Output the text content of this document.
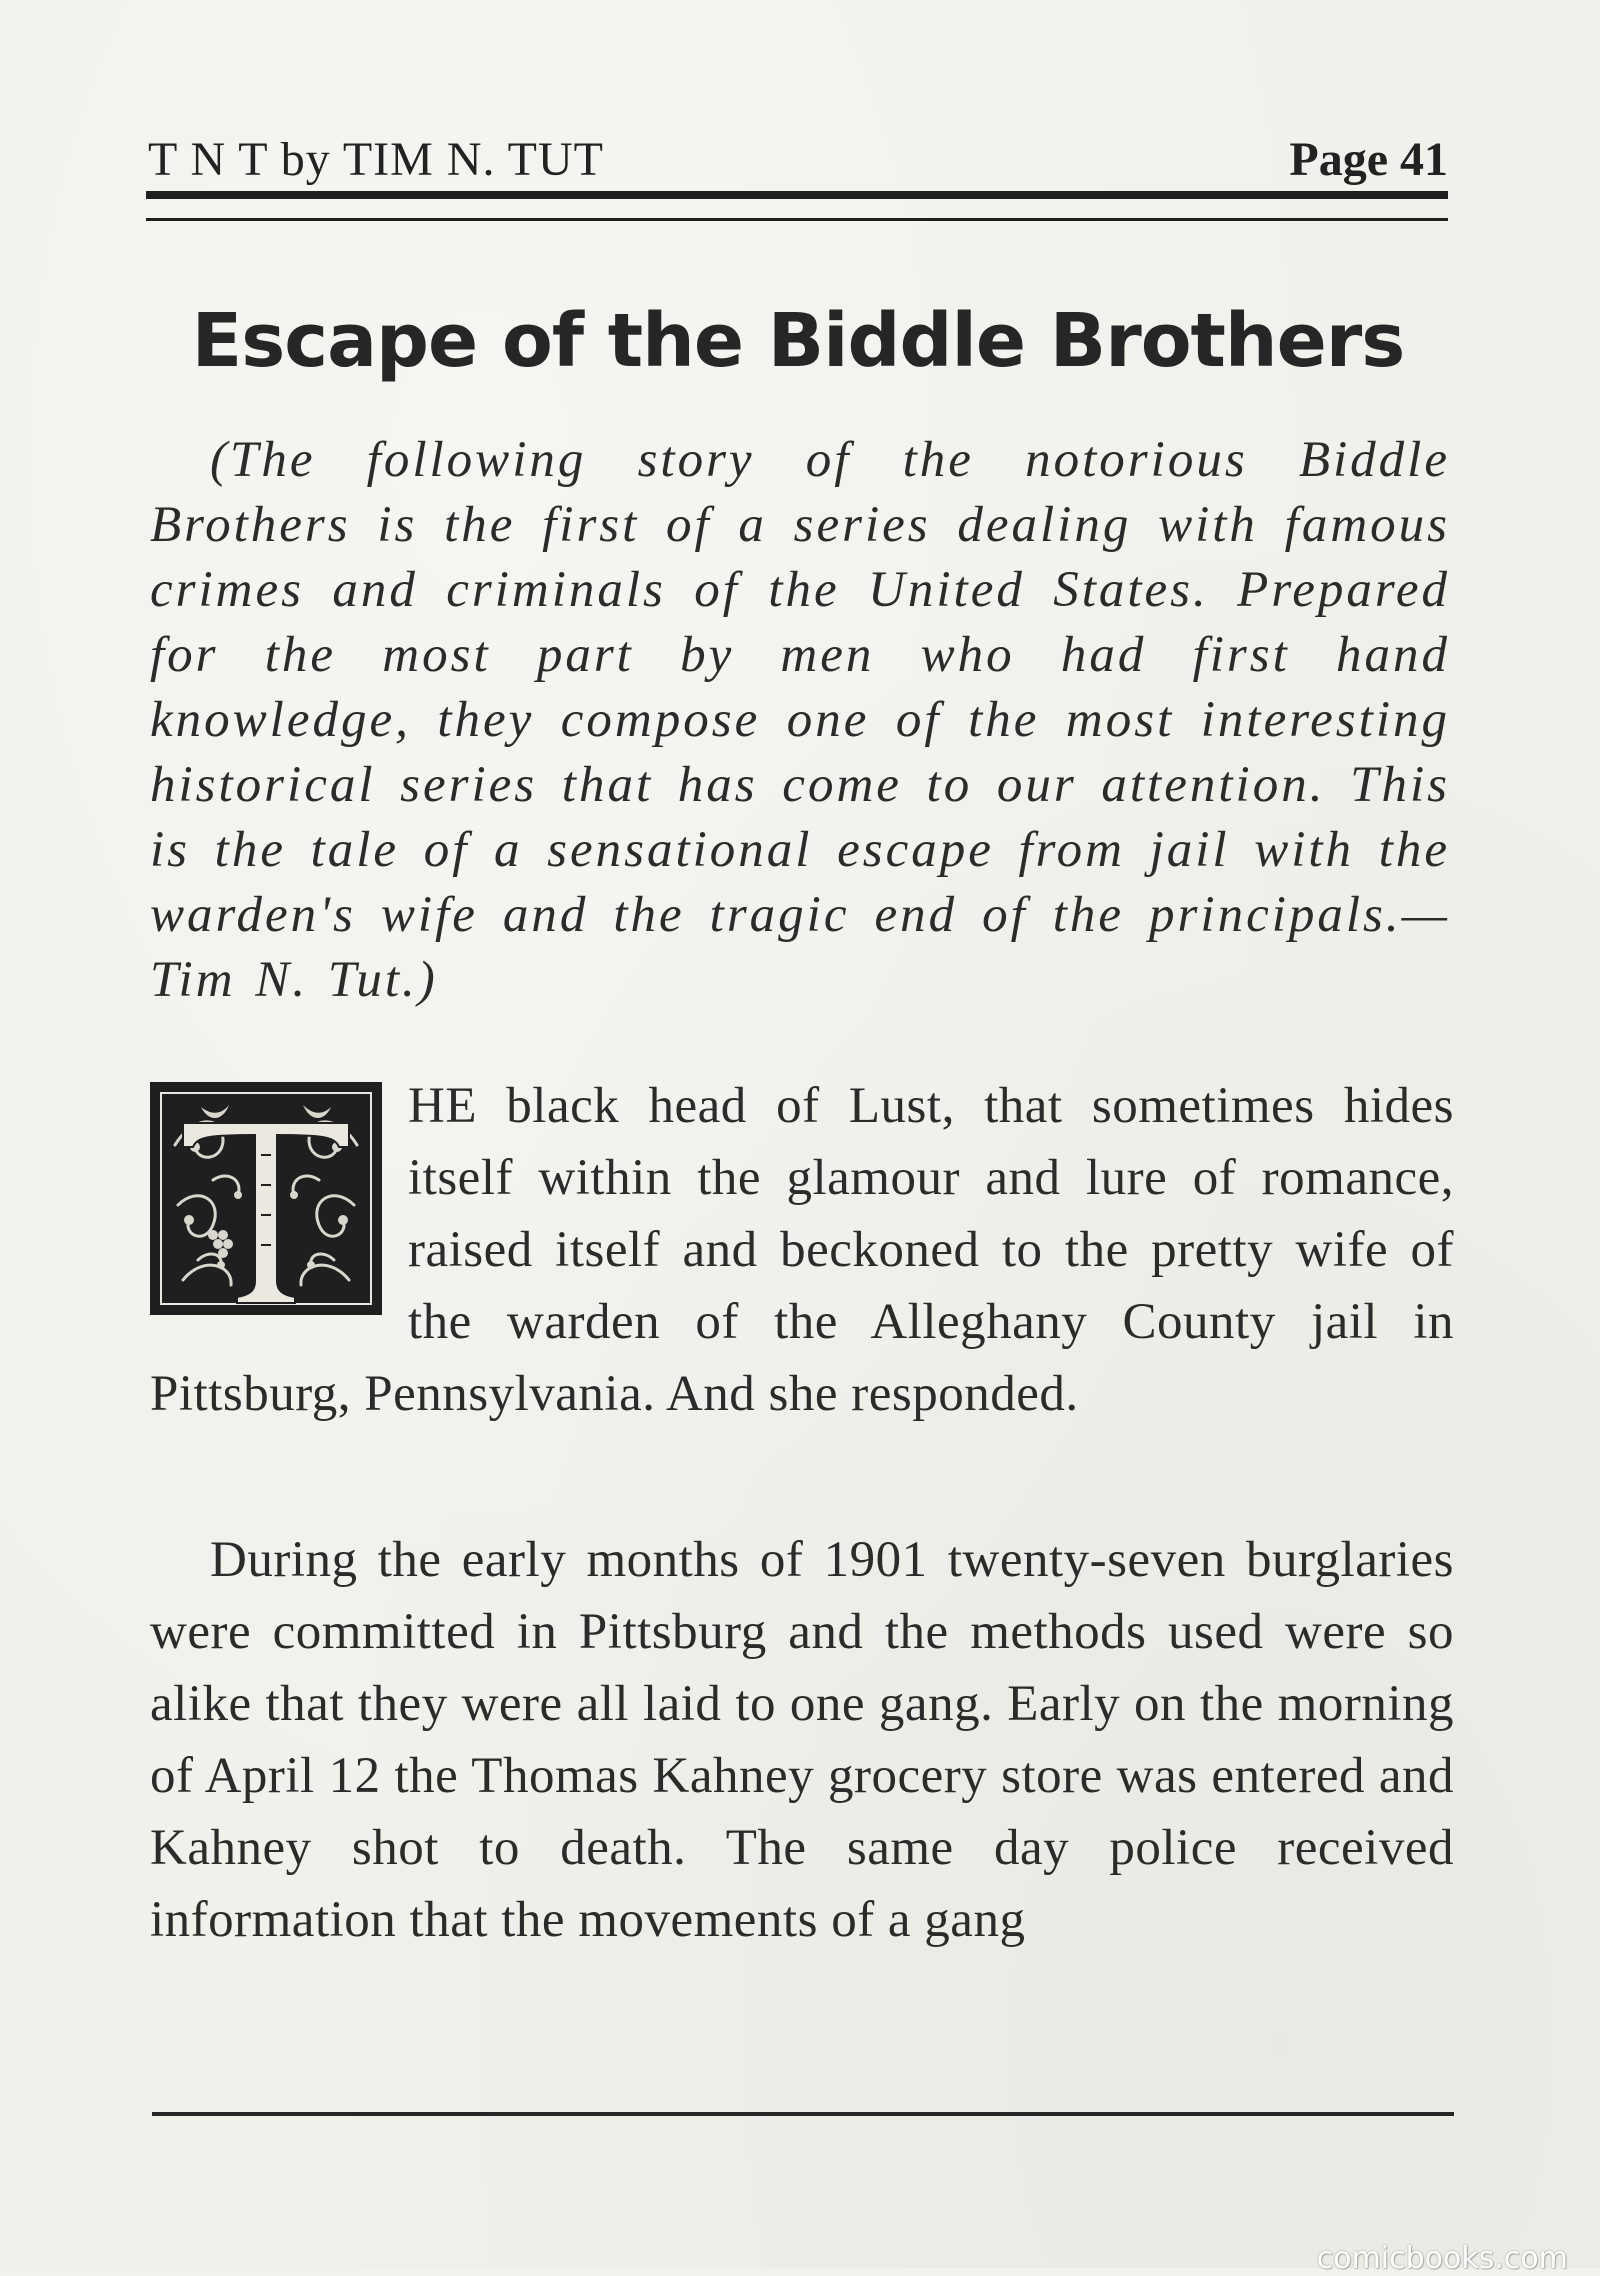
T N T by TIM N. TUT	Page 41
Escape of the Biddle Brothers

(The following story of the notorious Biddle Brothers is the first of a series dealing with famous crimes and criminals of the United States. Prepared for the most part by men who had first hand knowledge, they compose one of the most interesting historical series that has come to our attention. This is the tale of a sensational escape from jail with the warden's wife and the tragic end of the principals.—Tim N. Tut.)

HE black head of Lust, that sometimes hides itself within the glamour and lure of romance, raised itself and beckoned to the pretty wife of the warden of the Alleghany County jail in Pittsburg, Pennsylvania. And she responded.

During the early months of 1901 twenty-seven burglaries were committed in Pittsburg and the methods used were so alike that they were all laid to one gang. Early on the morning of April 12 the Thomas Kahney grocery store was entered and Kahney shot to death. The same day police received information that the movements of a gang

comicbooks.com
